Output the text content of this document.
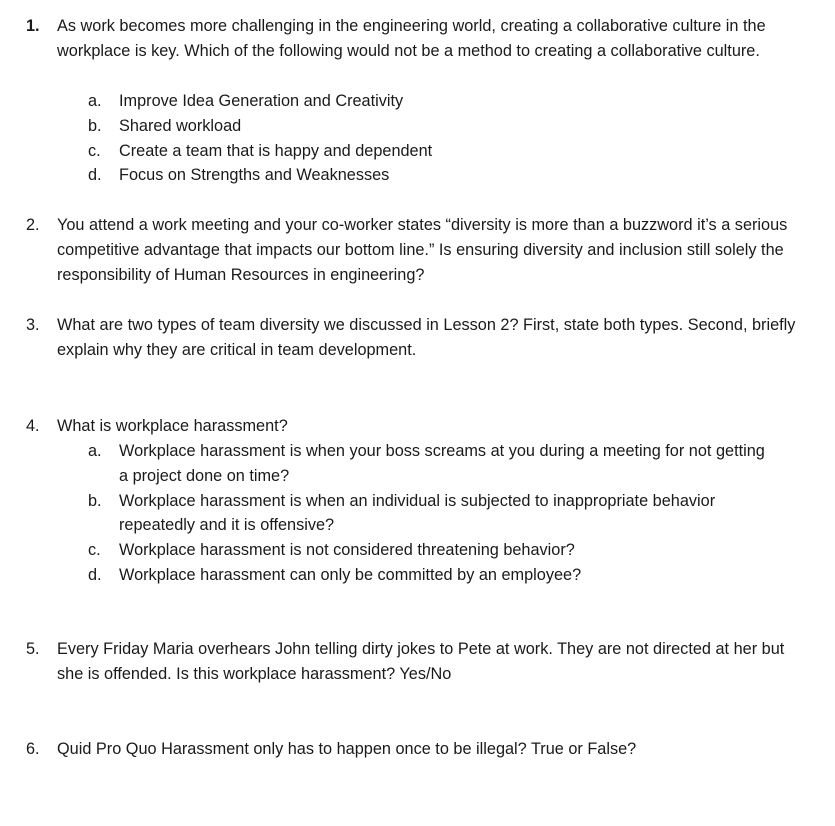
1. As work becomes more challenging in the engineering world, creating a collaborative culture in the workplace is key. Which of the following would not be a method to creating a collaborative culture.
a. Improve Idea Generation and Creativity
b. Shared workload
c. Create a team that is happy and dependent
d. Focus on Strengths and Weaknesses
2. You attend a work meeting and your co-worker states “diversity is more than a buzzword it’s a serious competitive advantage that impacts our bottom line.” Is ensuring diversity and inclusion still solely the responsibility of Human Resources in engineering?
3. What are two types of team diversity we discussed in Lesson 2? First, state both types. Second, briefly explain why they are critical in team development.
4. What is workplace harassment?
a. Workplace harassment is when your boss screams at you during a meeting for not getting a project done on time?
b. Workplace harassment is when an individual is subjected to inappropriate behavior repeatedly and it is offensive?
c. Workplace harassment is not considered threatening behavior?
d. Workplace harassment can only be committed by an employee?
5. Every Friday Maria overhears John telling dirty jokes to Pete at work. They are not directed at her but she is offended. Is this workplace harassment? Yes/No
6. Quid Pro Quo Harassment only has to happen once to be illegal? True or False?
